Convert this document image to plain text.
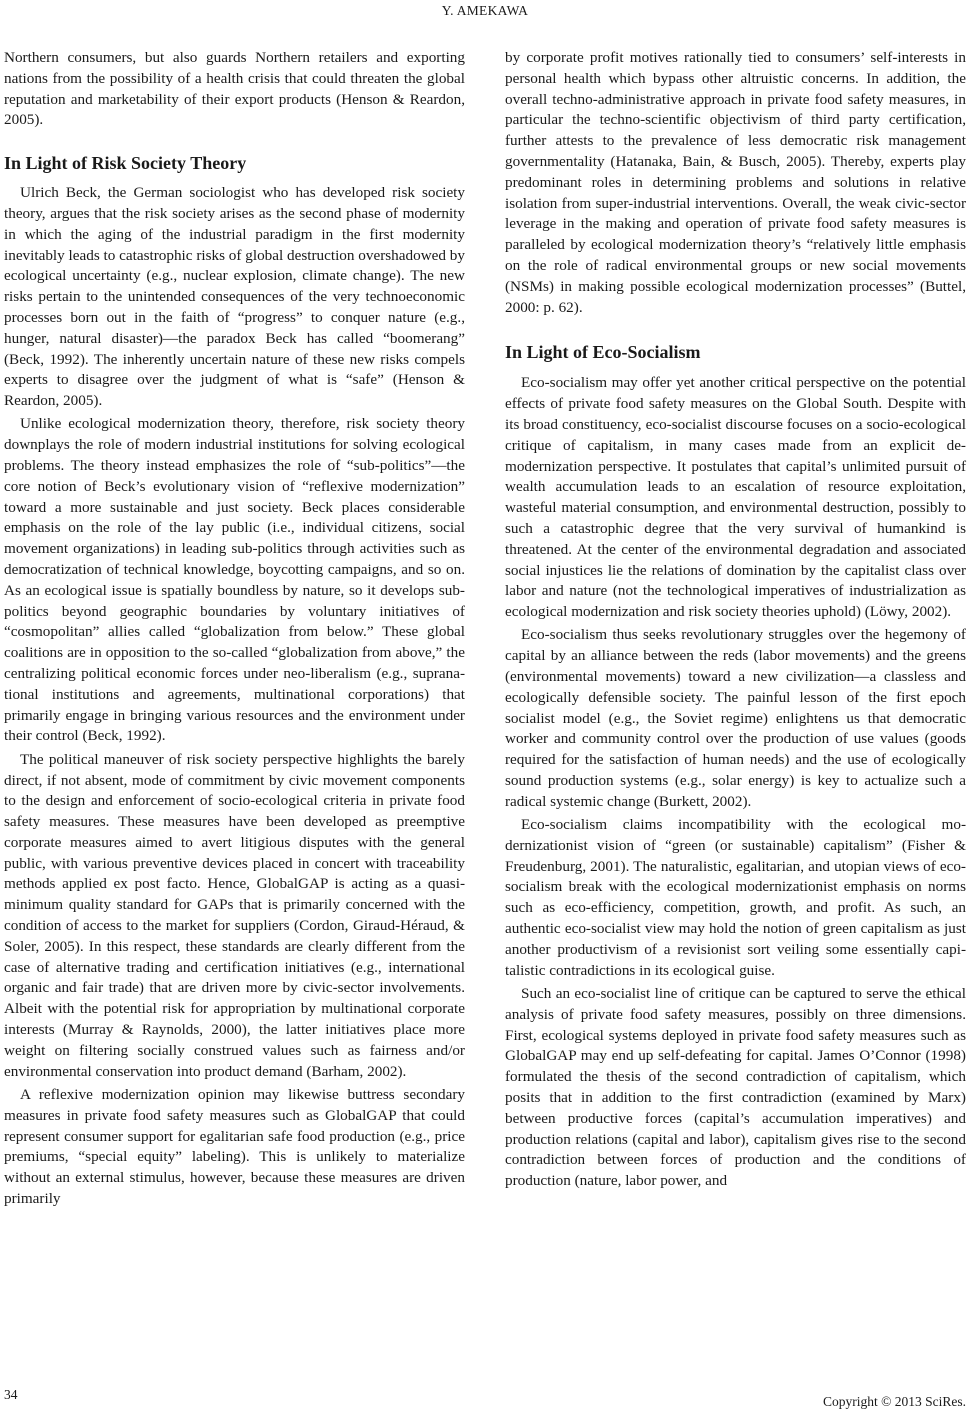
Y. AMEKAWA

Northern consumers, but also guards Northern retailers and exporting nations from the possibility of a health crisis that could threaten the global reputation and marketability of their export products (Henson & Reardon, 2005).

In Light of Risk Society Theory

Ulrich Beck, the German sociologist who has developed risk society theory, argues that the risk society arises as the second phase of modernity in which the aging of the industrial paradigm in the first modernity inevitably leads to catastrophic risks of global destruction overshadowed by ecological uncertainty (e.g., nuclear explosion, climate change). The new risks pertain to the unintended consequences of the very technoeconomic processes born out in the faith of “progress” to conquer nature (e.g., hunger, natural disaster)—the paradox Beck has called “boomerang” (Beck, 1992). The inherently uncertain nature of these new risks compels experts to disagree over the judgment of what is “safe” (Henson & Reardon, 2005).

Unlike ecological modernization theory, therefore, risk society theory downplays the role of modern industrial institutions for solving ecological problems. The theory instead emphasizes the role of “sub-politics”—the core notion of Beck’s evolutionary vision of “reflexive modernization” toward a more sustainable and just society. Beck places considerable emphasis on the role of the lay public (i.e., individual citizens, social movement organizations) in leading sub-politics through activities such as democratization of technical knowledge, boycotting campaigns, and so on. As an ecological issue is spatially boundless by nature, so it develops sub-politics beyond geographic boundaries by voluntary initiatives of “cosmopolitan” allies called “globalization from below.” These global coalitions are in opposition to the so-called “globalization from above,” the centralizing political economic forces under neo-liberalism (e.g., supranational institutions and agreements, multinational corporations) that primarily engage in bringing various resources and the environment under their control (Beck, 1992).

The political maneuver of risk society perspective highlights the barely direct, if not absent, mode of commitment by civic movement components to the design and enforcement of socio-ecological criteria in private food safety measures. These measures have been developed as preemptive corporate measures aimed to avert litigious disputes with the general public, with various preventive devices placed in concert with traceability methods applied ex post facto. Hence, GlobalGAP is acting as a quasi-minimum quality standard for GAPs that is primarily concerned with the condition of access to the market for suppliers (Cordon, Giraud-Héraud, & Soler, 2005). In this respect, these standards are clearly different from the case of alternative trading and certification initiatives (e.g., international organic and fair trade) that are driven more by civic-sector involvements. Albeit with the potential risk for appropriation by multinational corporate interests (Murray & Raynolds, 2000), the latter initiatives place more weight on filtering socially construed values such as fairness and/or environmental conservation into product demand (Barham, 2002).

A reflexive modernization opinion may likewise buttress secondary measures in private food safety measures such as GlobalGAP that could represent consumer support for egalitarian safe food production (e.g., price premiums, “special equity” labeling). This is unlikely to materialize without an external stimulus, however, because these measures are driven primarily

by corporate profit motives rationally tied to consumers’ self-interests in personal health which bypass other altruistic concerns. In addition, the overall techno-administrative approach in private food safety measures, in particular the techno-scientific objectivism of third party certification, further attests to the prevalence of less democratic risk management governmentality (Hatanaka, Bain, & Busch, 2005). Thereby, experts play predominant roles in determining problems and solutions in relative isolation from super-industrial interventions. Overall, the weak civic-sector leverage in the making and operation of private food safety measures is paralleled by ecological modernization theory’s “relatively little emphasis on the role of radical environmental groups or new social movements (NSMs) in making possible ecological modernization processes” (Buttel, 2000: p. 62).

In Light of Eco-Socialism

Eco-socialism may offer yet another critical perspective on the potential effects of private food safety measures on the Global South. Despite with its broad constituency, eco-socialist discourse focuses on a socio-ecological critique of capitalism, in many cases made from an explicit de-modernization perspective. It postulates that capital’s unlimited pursuit of wealth accumulation leads to an escalation of resource exploitation, wasteful material consumption, and environmental destruction, possibly to such a catastrophic degree that the very survival of humankind is threatened. At the center of the environmental degradation and associated social injustices lie the relations of domination by the capitalist class over labor and nature (not the technological imperatives of industrialization as ecological modernization and risk society theories uphold) (Löwy, 2002).

Eco-socialism thus seeks revolutionary struggles over the hegemony of capital by an alliance between the reds (labor movements) and the greens (environmental movements) toward a new civilization—a classless and ecologically defensible society. The painful lesson of the first epoch socialist model (e.g., the Soviet regime) enlightens us that democratic worker and community control over the production of use values (goods required for the satisfaction of human needs) and the use of ecologically sound production systems (e.g., solar energy) is key to actualize such a radical systemic change (Burkett, 2002).

Eco-socialism claims incompatibility with the ecological modernizationist vision of “green (or sustainable) capitalism” (Fisher & Freudenburg, 2001). The naturalistic, egalitarian, and utopian views of eco-socialism break with the ecological modernizationist emphasis on norms such as eco-efficiency, competition, growth, and profit. As such, an authentic eco-socialist view may hold the notion of green capitalism as just another productivism of a revisionist sort veiling some essentially capitalistic contradictions in its ecological guise.

Such an eco-socialist line of critique can be captured to serve the ethical analysis of private food safety measures, possibly on three dimensions. First, ecological systems deployed in private food safety measures such as GlobalGAP may end up self-defeating for capital. James O’Connor (1998) formulated the thesis of the second contradiction of capitalism, which posits that in addition to the first contradiction (examined by Marx) between productive forces (capital’s accumulation imperatives) and production relations (capital and labor), capitalism gives rise to the second contradiction between forces of production and the conditions of production (nature, labor power, and

34	Copyright © 2013 SciRes.
